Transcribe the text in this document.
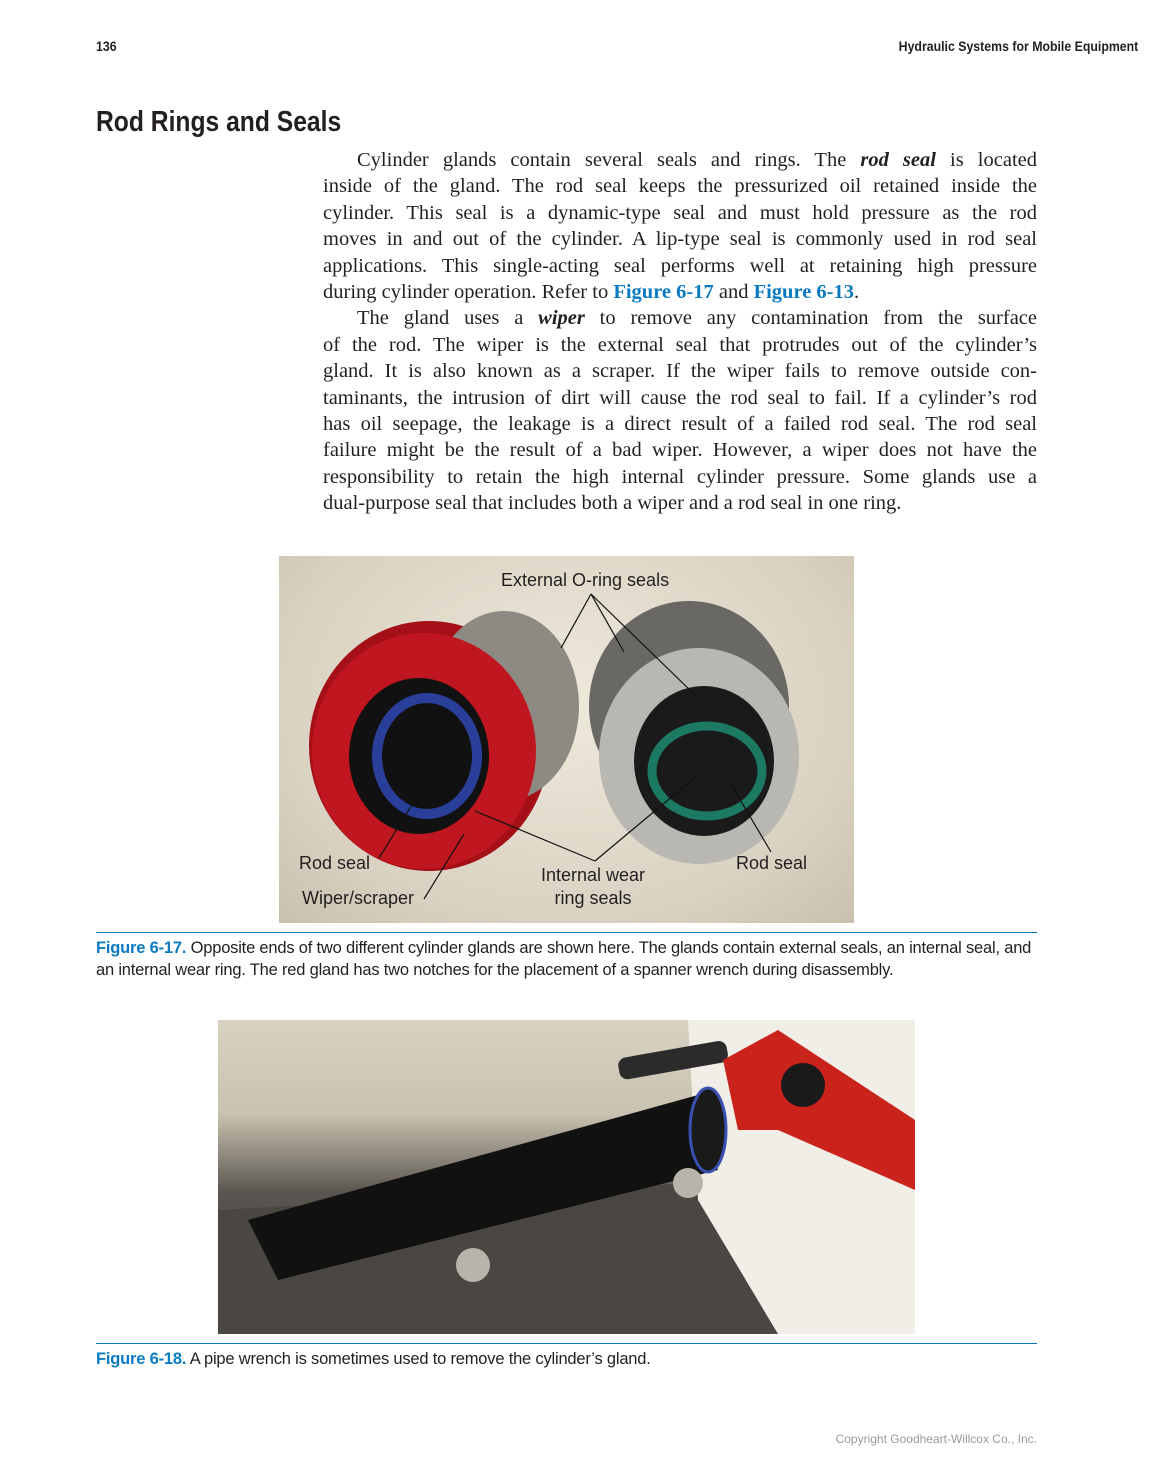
136	Hydraulic Systems for Mobile Equipment
Rod Rings and Seals
Cylinder glands contain several seals and rings. The rod seal is located
inside of the gland. The rod seal keeps the pressurized oil retained inside the
cylinder. This seal is a dynamic-type seal and must hold pressure as the rod
moves in and out of the cylinder. A lip-type seal is commonly used in rod seal
applications. This single-acting seal performs well at retaining high pressure
during cylinder operation. Refer to Figure 6-17 and Figure 6-13.
The gland uses a wiper to remove any contamination from the surface
of the rod. The wiper is the external seal that protrudes out of the cylinder’s
gland. It is also known as a scraper. If the wiper fails to remove outside con-
taminants, the intrusion of dirt will cause the rod seal to fail. If a cylinder’s rod
has oil seepage, the leakage is a direct result of a failed rod seal. The rod seal
failure might be the result of a bad wiper. However, a wiper does not have the
responsibility to retain the high internal cylinder pressure. Some glands use a
dual-purpose seal that includes both a wiper and a rod seal in one ring.
External O-ring seals
Rod seal
Wiper/scraper
Internal wear
ring seals
Rod seal
Figure 6-17. Opposite ends of two different cylinder glands are shown here. The glands contain external seals, an internal seal, and an internal wear ring. The red gland has two notches for the placement of a spanner wrench during disassembly.
Figure 6-18. A pipe wrench is sometimes used to remove the cylinder’s gland.
Copyright Goodheart-Willcox Co., Inc.
